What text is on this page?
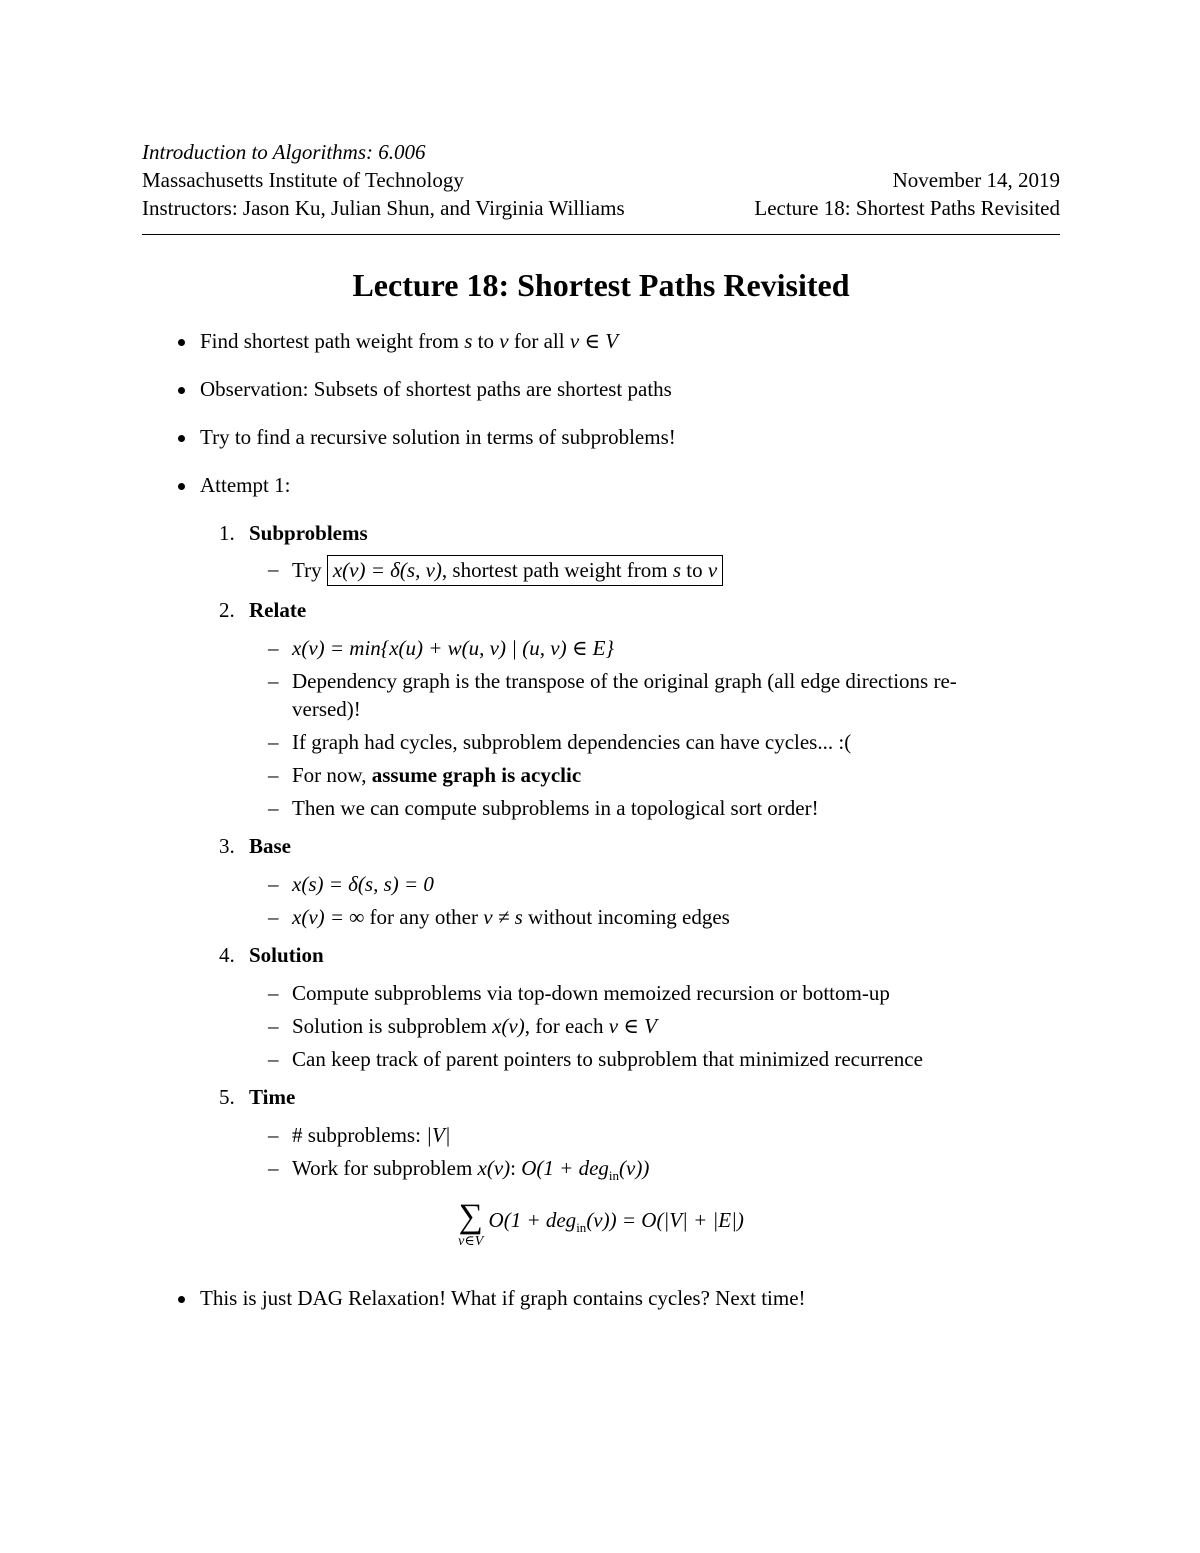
Introduction to Algorithms: 6.006
Massachusetts Institute of Technology	November 14, 2019
Instructors: Jason Ku, Julian Shun, and Virginia Williams	Lecture 18: Shortest Paths Revisited
Lecture 18: Shortest Paths Revisited
Find shortest path weight from s to v for all v ∈ V
Observation: Subsets of shortest paths are shortest paths
Try to find a recursive solution in terms of subproblems!
Attempt 1:
1. Subproblems
– Try x(v) = δ(s, v), shortest path weight from s to v
2. Relate
– x(v) = min{x(u) + w(u, v) | (u, v) ∈ E}
– Dependency graph is the transpose of the original graph (all edge directions re-
versed)!
– If graph had cycles, subproblem dependencies can have cycles... :(
– For now, assume graph is acyclic
– Then we can compute subproblems in a topological sort order!
3. Base
– x(s) = δ(s, s) = 0
– x(v) = ∞ for any other v ≠ s without incoming edges
4. Solution
– Compute subproblems via top-down memoized recursion or bottom-up
– Solution is subproblem x(v), for each v ∈ V
– Can keep track of parent pointers to subproblem that minimized recurrence
5. Time
– # subproblems: |V|
– Work for subproblem x(v): O(1 + deg$_{in}$(v))
∑
v∈V
O(1 + deg$_{in}$(v)) = O(|V| + |E|)
This is just DAG Relaxation! What if graph contains cycles? Next time!
